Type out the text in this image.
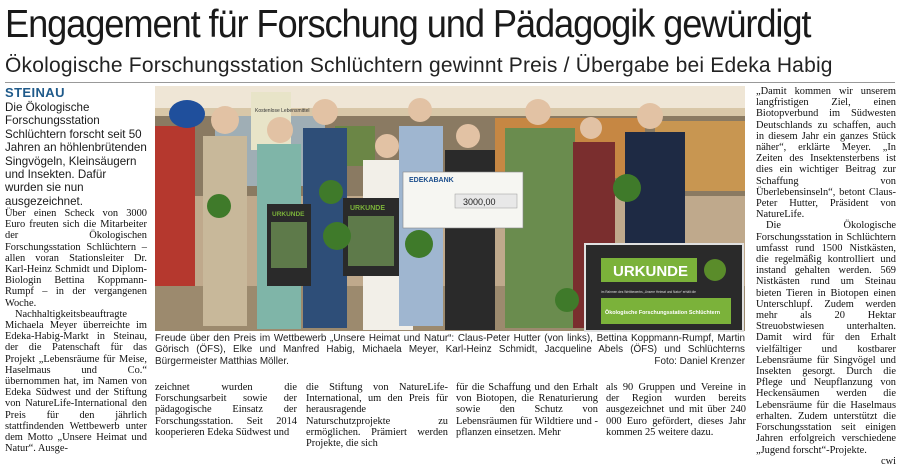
Engagement für Forschung und Pädagogik gewürdigt
Ökologische Forschungsstation Schlüchtern gewinnt Preis / Übergabe bei Edeka Habig
STEINAU
Die Ökologische Forschungsstation Schlüchtern forscht seit 50 Jahren an höhlenbrütenden Singvögeln, Kleinsäugern und Insekten. Dafür wurden sie nun ausgezeichnet.

Über einen Scheck von 3000 Euro freuten sich die Mitarbeiter der Ökologischen Forschungsstation Schlüchtern – allen voran Stationsleiter Dr. Karl-Heinz Schmidt und Diplom-Biologin Bettina Koppmann-Rumpf – in der vergangenen Woche.

Nachhaltigkeitsbeauftragte Michaela Meyer überreichte im Edeka-Habig-Markt in Steinau, der die Patenschaft für das Projekt „Lebensräume für Meise, Haselmaus und Co.“ übernommen hat, im Namen von Edeka Südwest und der Stiftung von NatureLife-International den Preis für den jährlich stattfindenden Wettbewerb unter dem Motto „Unsere Heimat und Natur“. Ausge-

Kostenlose Lebensmittel
EDEKABANK
3000,00
URKUNDE
URKUNDE
URKUNDE
im Rahmen des Wettbewerbs „Unsere Heimat und Natur“ erhält die
Ökologische Forschungsstation Schlüchtern
Freude über den Preis im Wettbewerb „Unsere Heimat und Natur“: Claus-Peter Hutter (von links), Bettina Koppmann-Rumpf, Martin Görisch (ÖFS), Elke und Manfred Habig, Michaela Meyer, Karl-Heinz Schmidt, Jacqueline Abels (ÖFS) und Schlüchterns Bürgermeister Matthias Möller.	Foto: Daniel Krenzer

zeichnet wurden die Forschungsarbeit sowie der pädagogische Einsatz der Forschungsstation. Seit 2014 kooperieren Edeka Südwest und

die Stiftung von NatureLife-International, um den Preis für herausragende Naturschutzprojekte zu ermöglichen. Prämiert werden Projekte, die sich

für die Schaffung und den Erhalt von Biotopen, die Renaturierung sowie den Schutz von Lebensräumen für Wildtiere und -pflanzen einsetzen. Mehr

als 90 Gruppen und Vereine in der Region wurden bereits ausgezeichnet und mit über 240 000 Euro gefördert, dieses Jahr kommen 25 weitere dazu.

„Damit kommen wir unserem langfristigen Ziel, einen Biotopverbund im Südwesten Deutschlands zu schaffen, auch in diesem Jahr ein ganzes Stück näher“, erklärte Meyer. „In Zeiten des Insektensterbens ist dies ein wichtiger Beitrag zur Schaffung von Überlebensinseln“, betont Claus-Peter Hutter, Präsident von NatureLife.

Die Ökologische Forschungsstation in Schlüchtern umfasst rund 1500 Nistkästen, die regelmäßig kontrolliert und instand gehalten werden. 569 Nistkästen rund um Steinau bieten Tieren in Biotopen einen Unterschlupf. Zudem werden mehr als 20 Hektar Streuobstwiesen unterhalten. Damit wird für den Erhalt vielfältiger und kostbarer Lebensräume für Singvögel und Insekten gesorgt. Durch die Pflege und Neupflanzung von Heckensäumen werden die Lebensräume für die Haselmaus erhalten. Zudem unterstützt die Forschungsstation seit einigen Jahren erfolgreich verschiedene „Jugend forscht“-Projekte.

cwi
